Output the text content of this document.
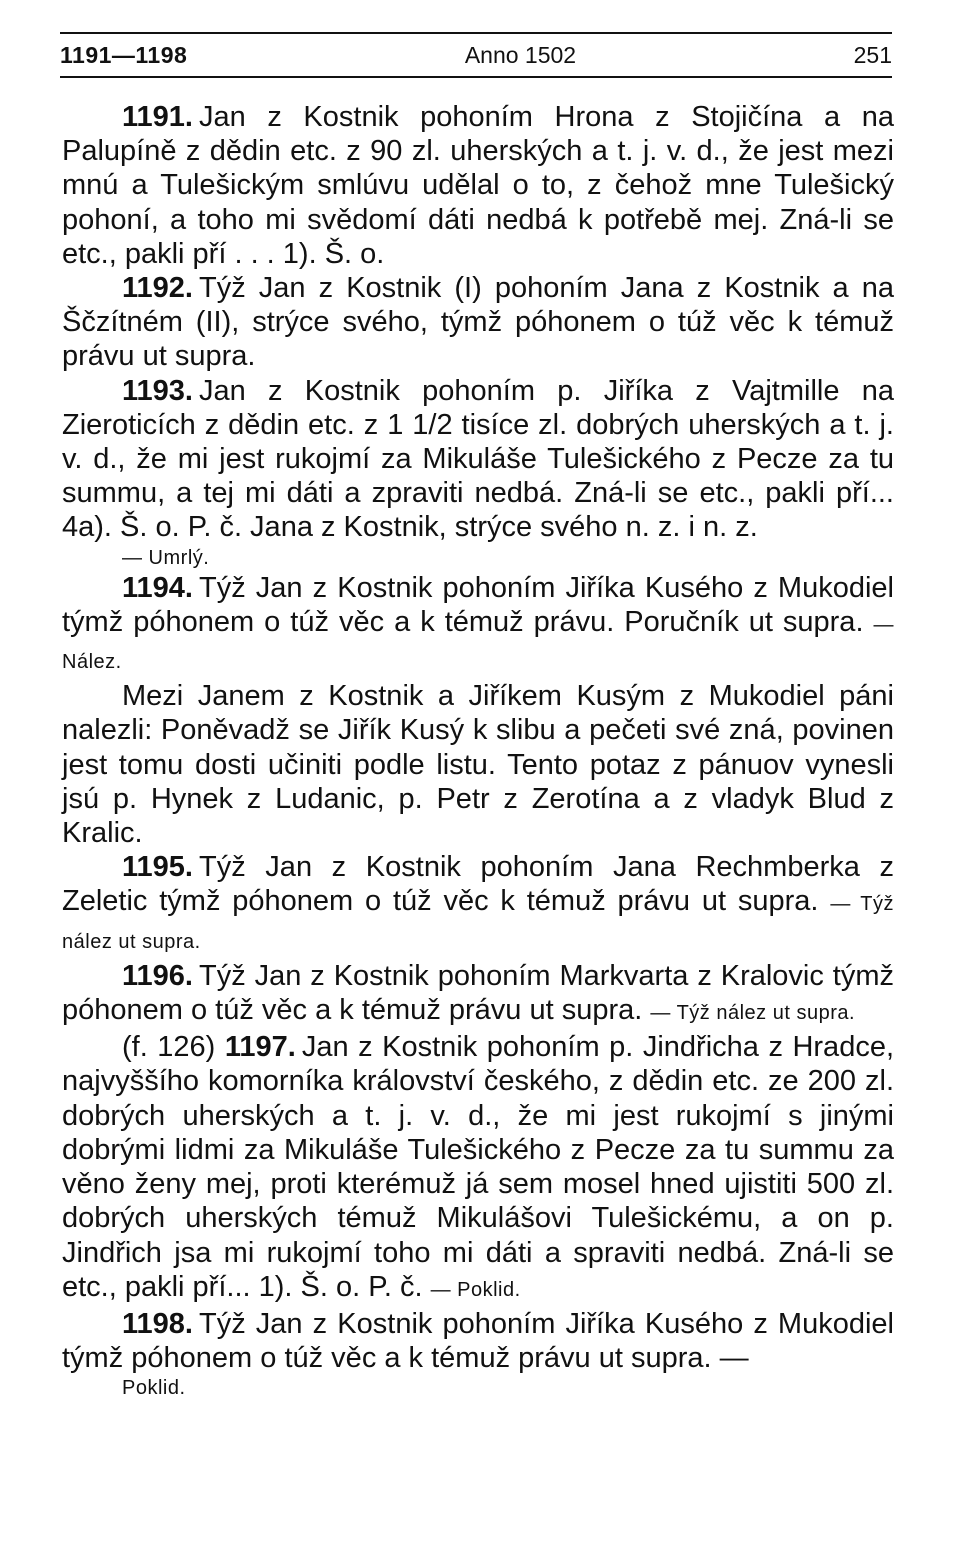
1191—1198	Anno 1502	251

1191. Jan z Kostnik pohoním Hrona z Stojičína a na Palupíně z dědin etc. z 90 zl. uherských a t. j. v. d., že jest mezi mnú a Tulešickým smlúvu udělal o to, z čehož mne Tulešický pohoní, a toho mi svědomí dáti nedbá k potřebě mej. Zná-li se etc., pakli pří . . . 1). Š. o.

1192. Týž Jan z Kostnik (I) pohoním Jana z Kostnik a na Ščzítném (II), strýce svého, týmž póhonem o túž věc k témuž právu ut supra.

1193. Jan z Kostnik pohoním p. Jiříka z Vajtmille na Zieroticích z dědin etc. z 1 1/2 tisíce zl. dobrých uherských a t. j. v. d., že mi jest rukojmí za Mikuláše Tulešického z Pecze za tu summu, a tej mi dáti a zpraviti nedbá. Zná-li se etc., pakli pří... 4a). Š. o. P. č. Jana z Kostnik, strýce svého n. z. i n. z.
— Umrlý.

1194. Týž Jan z Kostnik pohoním Jiříka Kusého z Mukodiel týmž póhonem o túž věc a k témuž právu. Poručník ut supra. — Nález.

Mezi Janem z Kostnik a Jiříkem Kusým z Mukodiel páni nalezli: Poněvadž se Jiřík Kusý k slibu a pečeti své zná, povinen jest tomu dosti učiniti podle listu. Tento potaz z pánuov vynesli jsú p. Hynek z Ludanic, p. Petr z Zerotína a z vladyk Blud z Kralic.

1195. Týž Jan z Kostnik pohoním Jana Rechmberka z Zeletic týmž póhonem o túž věc k témuž právu ut supra. — Týž nález ut supra.

1196. Týž Jan z Kostnik pohoním Markvarta z Kralovic týmž póhonem o túž věc a k témuž právu ut supra. — Týž nález ut supra.

(f. 126) 1197. Jan z Kostnik pohoním p. Jindřicha z Hradce, najvyššího komorníka království českého, z dědin etc. ze 200 zl. dobrých uherských a t. j. v. d., že mi jest rukojmí s jinými dobrými lidmi za Mikuláše Tulešického z Pecze za tu summu za věno ženy mej, proti kterémuž já sem mosel hned ujistiti 500 zl. dobrých uherských témuž Mikulášovi Tulešickému, a on p. Jindřich jsa mi rukojmí toho mi dáti a spraviti nedbá. Zná-li se etc., pakli pří... 1). Š. o. P. č. — Poklid.

1198. Týž Jan z Kostnik pohoním Jiříka Kusého z Mukodiel týmž póhonem o túž věc a k témuž právu ut supra. —
Poklid.
